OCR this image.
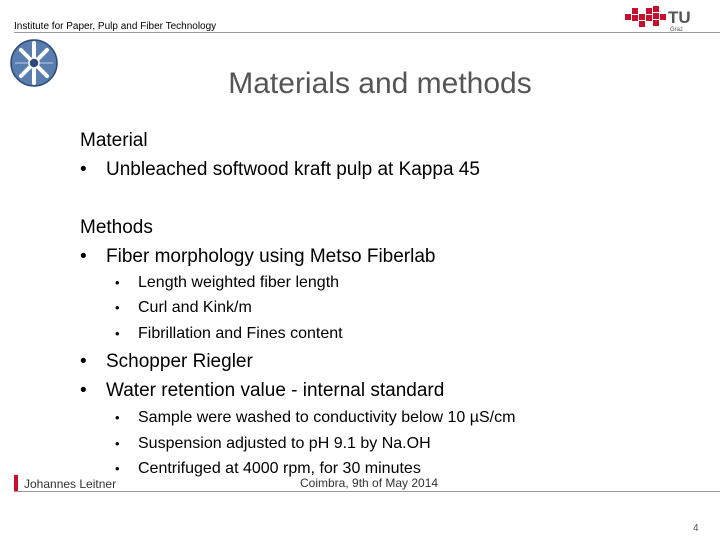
Institute for Paper, Pulp and Fiber Technology	TU
Graz
Materials and methods
Material
• Unbleached softwood kraft pulp at Kappa 45
Methods
• Fiber morphology using Metso Fiberlab
• Length weighted fiber length
• Curl and Kink/m
• Fibrillation and Fines content
• Schopper Riegler
• Water retention value - internal standard
• Sample were washed to conductivity below 10 µS/cm
• Suspension adjusted to pH 9.1 by Na.OH
• Centrifuged at 4000 rpm, for 30 minutes
Johannes Leitner	Coimbra, 9th of May 2014
4
